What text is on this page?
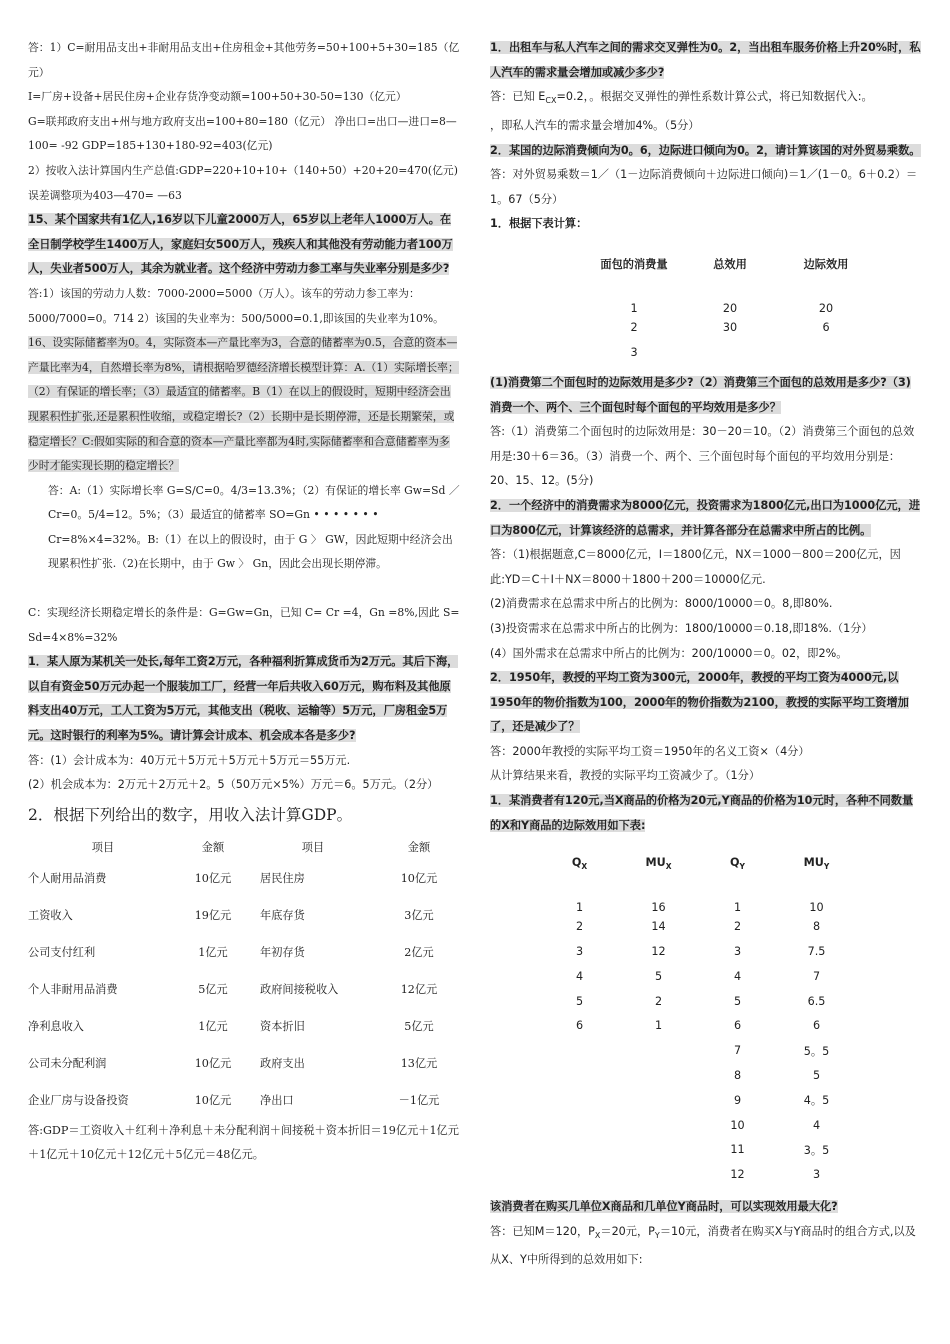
答：1）C=耐用品支出+非耐用品支出+住房租金+其他劳务=50+100+5+30=185（亿元）

I=厂房+设备+居民住房+企业存货净变动额=100+50+30-50=130（亿元）

G=联邦政府支出+州与地方政府支出=100+80=180（亿元） 净出口=出口—进口=8—100= -92 GDP=185+130+180-92=403(亿元)

2）按收入法计算国内生产总值:GDP=220+10+10+（140+50）+20+20=470(亿元)误差调整项为403—470= —63

15、某个国家共有1亿人,16岁以下儿童2000万人，65岁以上老年人1000万人。在全日制学校学生1400万人，家庭妇女500万人，残疾人和其他没有劳动能力者100万人，失业者500万人，其余为就业者。这个经济中劳动力参工率与失业率分别是多少?

答:1）该国的劳动力人数：7000-2000=5000（万人）。该车的劳动力参工率为：5000/7000=0。714 2）该国的失业率为：500/5000=0.1,即该国的失业率为10%。

16、设实际储蓄率为0。4，实际资本—产量比率为3，合意的储蓄率为0.5，合意的资本—产量比率为4，自然增长率为8%，请根据哈罗德经济增长模型计算：A.（1）实际增长率；（2）有保证的增长率；（3）最适宜的储蓄率。B（1）在以上的假设时，短期中经济会出现累积性扩张,还是累积性收缩，或稳定增长?（2）长期中是长期停滞，还是长期繁荣，或稳定增长？C:假如实际的和合意的资本—产量比率都为4时,实际储蓄率和合意储蓄率为多少时才能实现长期的稳定增长？

答：A:（1）实际增长率 G=S/C=0。4/3=13.3%；（2）有保证的增长率 Gw=Sd ／Cr=0。5/4=12。5%；（3）最适宜的储蓄率 SO=Gn • • • • • • • Cr=8%×4=32%。B:（1）在以上的假设时，由于 G 〉 GW，因此短期中经济会出现累积性扩张.（2)在长期中，由于 Gw 〉 Gn，因此会出现长期停滞。

C：实现经济长期稳定增长的条件是：G=Gw=Gn，已知 C= Cr =4，Gn =8%,因此 S= Sd=4×8%=32%

1．某人原为某机关一处长,每年工资2万元，各种福利折算成货币为2万元。其后下海，以自有资金50万元办起一个服装加工厂，经营一年后共收入60万元，购布料及其他原料支出40万元，工人工资为5万元，其他支出（税收、运输等）5万元，厂房租金5万元。这时银行的利率为5%。请计算会计成本、机会成本各是多少?

答：(1）会计成本为：40万元＋5万元＋5万元＋5万元＝55万元.

(2）机会成本为：2万元＋2万元＋2。5（50万元×5%）万元＝6。5万元。（2分）

2．根据下列给出的数字，用收入法计算GDP。

项目	金额	项目	金额
个人耐用品消费	10亿元	居民住房	10亿元
工资收入	19亿元	年底存货	3亿元
公司支付红利	1亿元	年初存货	2亿元
个人非耐用品消费	5亿元	政府间接税收入	12亿元
净利息收入	1亿元	资本折旧	5亿元
公司未分配利润	10亿元	政府支出	13亿元
企业厂房与设备投资	10亿元	净出口	－1亿元

答:GDP＝工资收入＋红利＋净利息＋未分配利润＋间接税＋资本折旧＝19亿元＋1亿元＋1亿元＋10亿元＋12亿元＋5亿元＝48亿元。

1．出租车与私人汽车之间的需求交叉弹性为0。2，当出租车服务价格上升20%时，私人汽车的需求量会增加或减少多少?

答：已知 $E_{CX}=0.2$，。根据交叉弹性的弹性系数计算公式，将已知数据代入:。

，即私人汽车的需求量会增加4%。（5分）

2．某国的边际消费倾向为0。6，边际进口倾向为0。2，请计算该国的对外贸易乘数。

答：对外贸易乘数＝1／（1－边际消费倾向＋边际进口倾向)＝1／(1－0。6＋0.2）＝1。67（5分）

1．根据下表计算：

面包的消费量	总效用	边际效用
1	20	20
2	30	6
3		

(1)消费第二个面包时的边际效用是多少?（2）消费第三个面包的总效用是多少?（3)消费一个、两个、三个面包时每个面包的平均效用是多少？

答:（1）消费第二个面包时的边际效用是：30－20＝10。（2）消费第三个面包的总效用是:30＋6＝36。（3）消费一个、两个、三个面包时每个面包的平均效用分别是：20、15、12。(5分)

2．一个经济中的消费需求为8000亿元，投资需求为1800亿元,出口为1000亿元，进口为800亿元，计算该经济的总需求，并计算各部分在总需求中所占的比例。

答：（1)根据题意,C＝8000亿元，I＝1800亿元，NX＝1000－800＝200亿元，因此:YD＝C＋I＋NX＝8000＋1800＋200＝10000亿元.

(2)消费需求在总需求中所占的比例为：8000/10000＝0。8,即80%.

(3)投资需求在总需求中所占的比例为：1800/10000＝0.18,即18%.（1分）

(4）国外需求在总需求中所占的比例为：200/10000＝0。02，即2%。

2．1950年，教授的平均工资为300元，2000年，教授的平均工资为4000元,以1950年的物价指数为100，2000年的物价指数为2100，教授的实际平均工资增加了，还是减少了？

答：2000年教授的实际平均工资＝1950年的名义工资×（4分）

从计算结果来看，教授的实际平均工资减少了。（1分）

1．某消费者有120元,当X商品的价格为20元,Y商品的价格为10元时，各种不同数量的X和Y商品的边际效用如下表:

$Q_X$	$MU_X$	$Q_Y$	$MU_Y$
1	16	1	10
2	14	2	8
3	12	3	7.5
4	5	4	7
5	2	5	6.5
6	1	6	6
		7	5。5
		8	5
		9	4。5
		10	4
		11	3。5
		12	3

该消费者在购买几单位X商品和几单位Y商品时，可以实现效用最大化?

答：已知M＝120，$P_X=20$元，$P_Y=10$元，消费者在购买X与Y商品时的组合方式,以及从X、Y中所得到的总效用如下:
